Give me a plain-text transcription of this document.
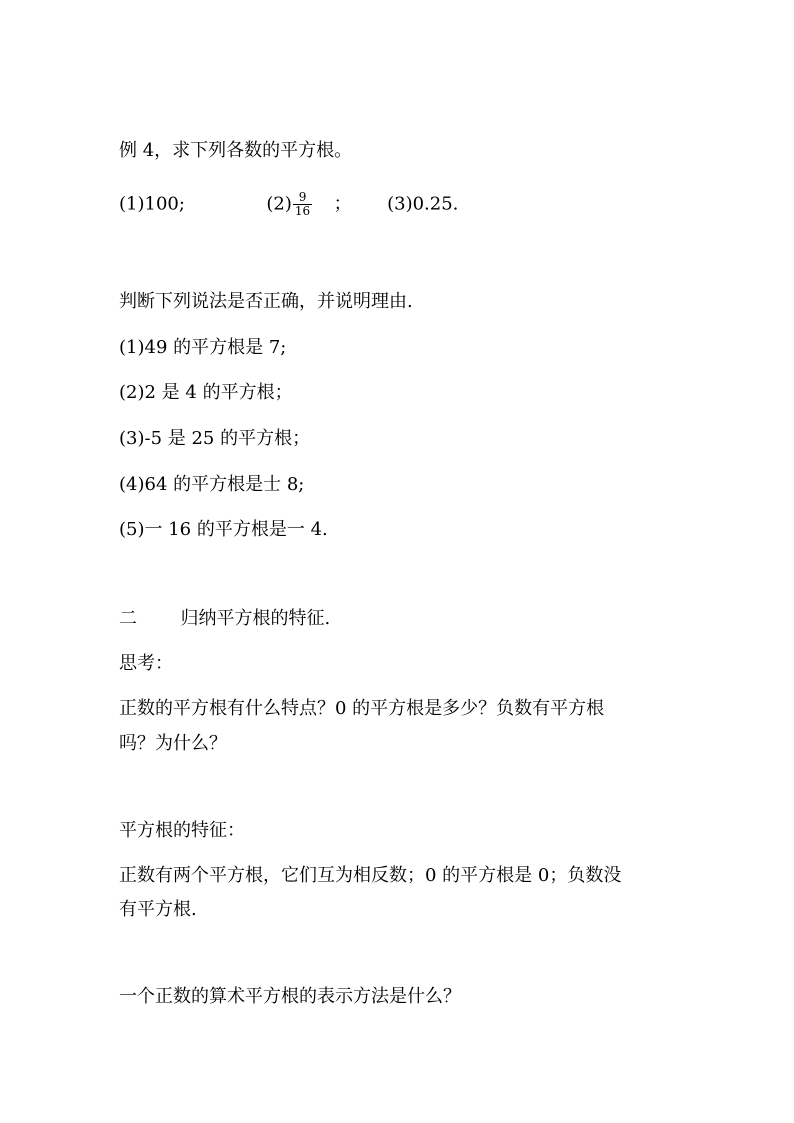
例 4，求下列各数的平方根。
(1)100;	$(2) \frac{9}{16}$ ； (3)0.25.
判断下列说法是否正确，并说明理由.
(1)49 的平方根是 7;
(2)2 是 4 的平方根；
(3)-5 是 25 的平方根；
(4)64 的平方根是士 8;
(5)一 16 的平方根是一 4.
二 归纳平方根的特征.
思考：
正数的平方根有什么特点？0 的平方根是多少？负数有平方根
吗？为什么？
平方根的特征：
正数有两个平方根，它们互为相反数；0 的平方根是 0；负数没
有平方根.
一个正数的算术平方根的表示方法是什么？
